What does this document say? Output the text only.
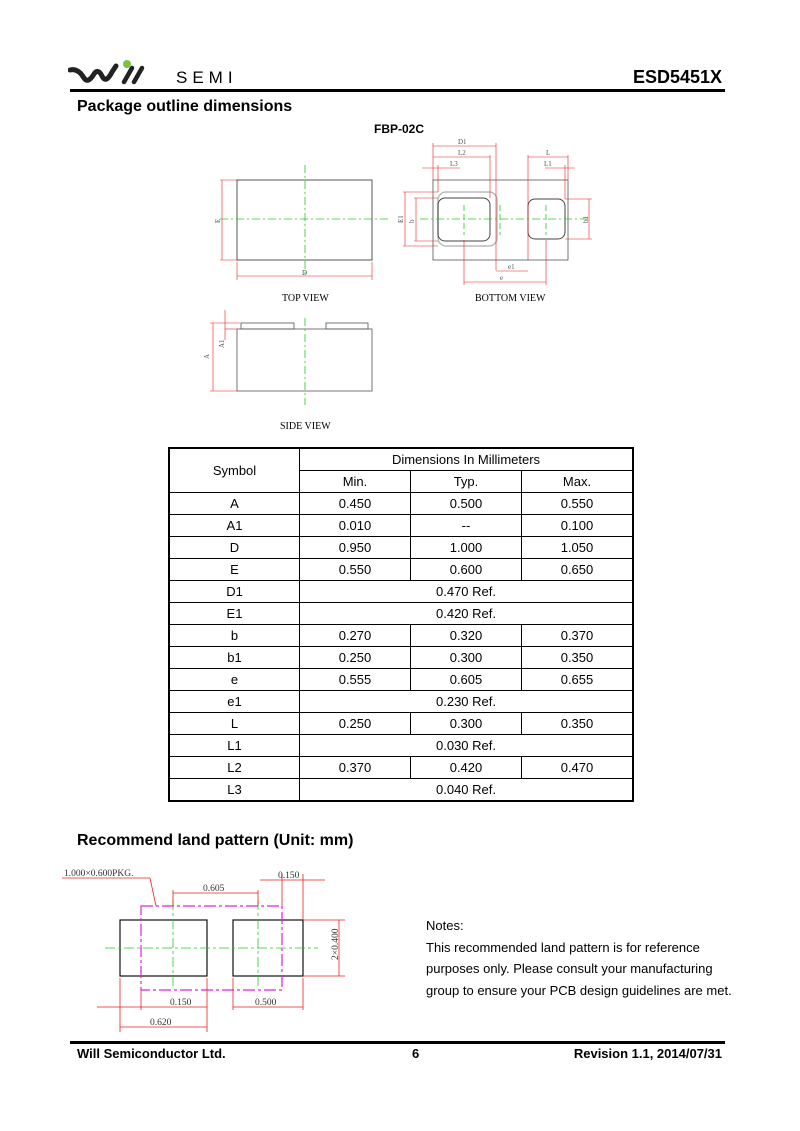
SEMI	ESD5451X
Package outline dimensions
FBP-02C
E
D
TOP VIEW
D1
L2
L3
L
L1
E1 b	b1
e1
e
BOTTOM VIEW
A
A1
SIDE VIEW
Symbol	Dimensions In Millimeters		
	Min.	Typ.	Max.
A	0.450	0.500	0.550
A1	0.010	--	0.100
D	0.950	1.000	1.050
E	0.550	0.600	0.650
D1	0.470 Ref.		
E1	0.420 Ref.		
b	0.270	0.320	0.370
b1	0.250	0.300	0.350
e	0.555	0.605	0.655
e1	0.230 Ref.		
L	0.250	0.300	0.350
L1	0.030 Ref.		
L2	0.370	0.420	0.470
L3	0.040 Ref.		
Recommend land pattern (Unit: mm)
1.000×0.600PKG.
0.605
0.150
2×0.400
0.150
0.620
0.500
Notes:
This recommended land pattern is for reference
purposes only. Please consult your manufacturing
group to ensure your PCB design guidelines are met.
Will Semiconductor Ltd.	6	Revision 1.1, 2014/07/31
